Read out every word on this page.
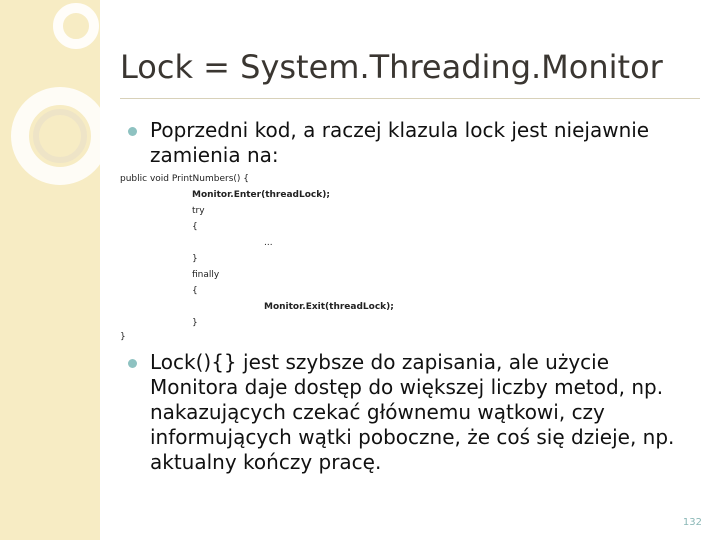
Lock = System.Threading.Monitor
Poprzedni kod, a raczej klazula lock jest niejawnie zamienia na:
public void PrintNumbers() {
Monitor.Enter(threadLock);
try
{
...
}
finally
{
Monitor.Exit(threadLock);
}
}
Lock(){} jest szybsze do zapisania, ale użycie Monitora daje dostęp do większej liczby metod, np. nakazujących czekać głównemu wątkowi, czy informujących wątki poboczne, że coś się dzieje, np. aktualny kończy pracę.
132
